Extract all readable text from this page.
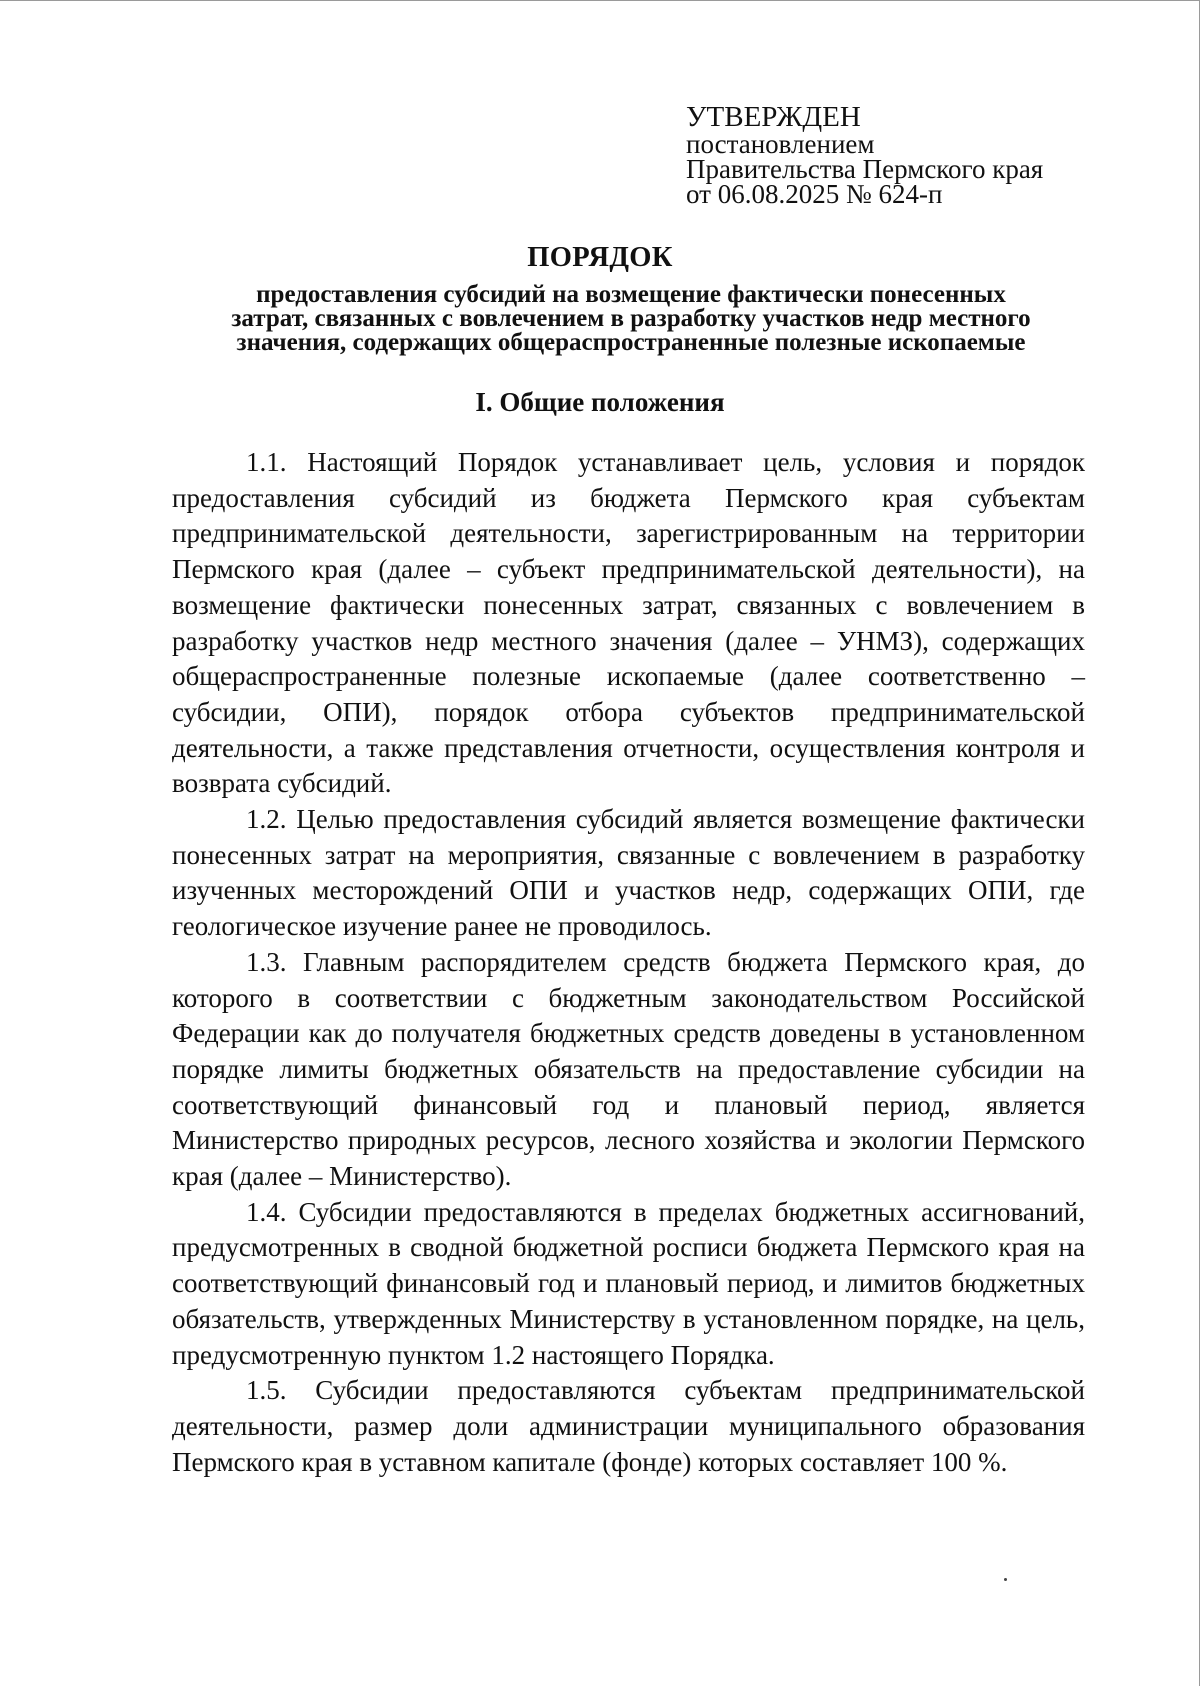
УТВЕРЖДЕН
постановлением
Правительства Пермского края
от 06.08.2025 № 624-п
ПОРЯДОК
предоставления субсидий на возмещение фактически понесенных
затрат, связанных с вовлечением в разработку участков недр местного
значения, содержащих общераспространенные полезные ископаемые
I. Общие положения

1.1. Настоящий Порядок устанавливает цель, условия и порядок предоставления субсидий из бюджета Пермского края субъектам предпринимательской деятельности, зарегистрированным на территории Пермского края (далее – субъект предпринимательской деятельности), на возмещение фактически понесенных затрат, связанных с вовлечением в разработку участков недр местного значения (далее – УНМЗ), содержащих общераспространенные полезные ископаемые (далее соответственно – субсидии, ОПИ), порядок отбора субъектов предпринимательской деятельности, а также представления отчетности, осуществления контроля и возврата субсидий.

1.2. Целью предоставления субсидий является возмещение фактически понесенных затрат на мероприятия, связанные с вовлечением в разработку изученных месторождений ОПИ и участков недр, содержащих ОПИ, где геологическое изучение ранее не проводилось.

1.3. Главным распорядителем средств бюджета Пермского края, до которого в соответствии с бюджетным законодательством Российской Федерации как до получателя бюджетных средств доведены в установленном порядке лимиты бюджетных обязательств на предоставление субсидии на соответствующий финансовый год и плановый период, является Министерство природных ресурсов, лесного хозяйства и экологии Пермского края (далее – Министерство).

1.4. Субсидии предоставляются в пределах бюджетных ассигнований, предусмотренных в сводной бюджетной росписи бюджета Пермского края на соответствующий финансовый год и плановый период, и лимитов бюджетных обязательств, утвержденных Министерству в установленном порядке, на цель, предусмотренную пунктом 1.2 настоящего Порядка.

1.5. Субсидии предоставляются субъектам предпринимательской деятельности, размер доли администрации муниципального образования Пермского края в уставном капитале (фонде) которых составляет 100 %.
